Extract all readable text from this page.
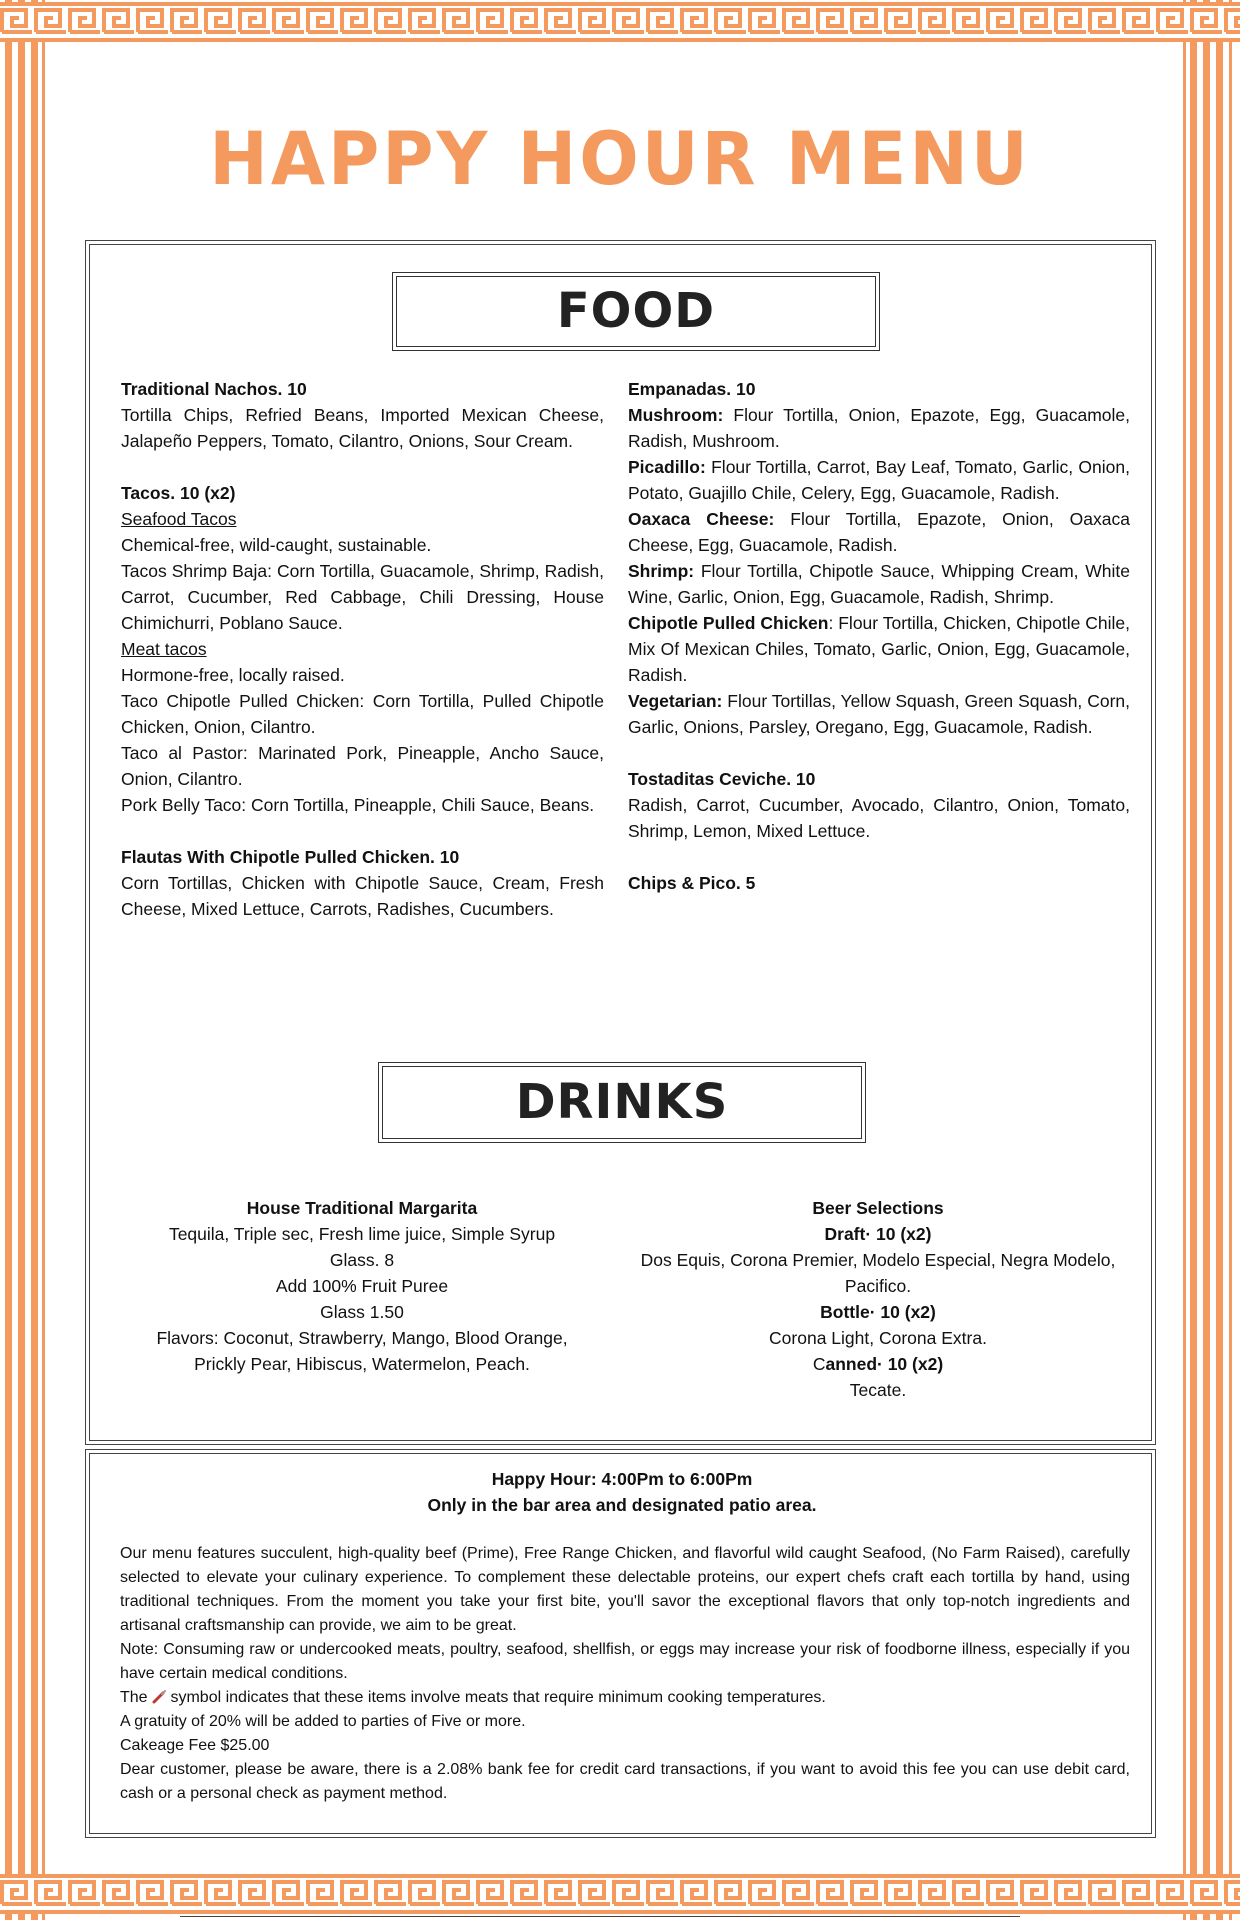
HAPPY HOUR MENU
FOOD

Traditional Nachos. 10

Tortilla Chips, Refried Beans, Imported Mexican Cheese, Jalapeño Peppers, Tomato, Cilantro, Onions, Sour Cream.

Tacos. 10 (x2)

Seafood Tacos

Chemical-free, wild-caught, sustainable.

Tacos Shrimp Baja: Corn Tortilla, Guacamole, Shrimp, Radish, Carrot, Cucumber, Red Cabbage, Chili Dressing, House Chimichurri, Poblano Sauce.

Meat tacos

Hormone-free, locally raised.

Taco Chipotle Pulled Chicken: Corn Tortilla, Pulled Chipotle Chicken, Onion, Cilantro.

Taco al Pastor: Marinated Pork, Pineapple, Ancho Sauce, Onion, Cilantro.

Pork Belly Taco: Corn Tortilla, Pineapple, Chili Sauce, Beans.

Flautas With Chipotle Pulled Chicken. 10

Corn Tortillas, Chicken with Chipotle Sauce, Cream, Fresh Cheese, Mixed Lettuce, Carrots, Radishes, Cucumbers.

Empanadas. 10

Mushroom: Flour Tortilla, Onion, Epazote, Egg, Guacamole, Radish, Mushroom.

Picadillo: Flour Tortilla, Carrot, Bay Leaf, Tomato, Garlic, Onion, Potato, Guajillo Chile, Celery, Egg, Guacamole, Radish.

Oaxaca Cheese: Flour Tortilla, Epazote, Onion, Oaxaca Cheese, Egg, Guacamole, Radish.

Shrimp: Flour Tortilla, Chipotle Sauce, Whipping Cream, White Wine, Garlic, Onion, Egg, Guacamole, Radish, Shrimp.

Chipotle Pulled Chicken: Flour Tortilla, Chicken, Chipotle Chile, Mix Of Mexican Chiles, Tomato, Garlic, Onion, Egg, Guacamole, Radish.

Vegetarian: Flour Tortillas, Yellow Squash, Green Squash, Corn, Garlic, Onions, Parsley, Oregano, Egg, Guacamole, Radish.

Tostaditas Ceviche. 10

Radish, Carrot, Cucumber, Avocado, Cilantro, Onion, Tomato, Shrimp, Lemon, Mixed Lettuce.

Chips & Pico. 5

DRINKS

House Traditional Margarita

Tequila, Triple sec, Fresh lime juice, Simple Syrup

Glass. 8

Add 100% Fruit Puree

Glass 1.50

Flavors: Coconut, Strawberry, Mango, Blood Orange, Prickly Pear, Hibiscus, Watermelon, Peach.

Beer Selections

Draft· 10 (x2)

Dos Equis, Corona Premier, Modelo Especial, Negra Modelo, Pacifico.

Bottle· 10 (x2)

Corona Light, Corona Extra.

Canned· 10 (x2)

Tecate.

Happy Hour: 4:00Pm to 6:00Pm

Only in the bar area and designated patio area.

Our menu features succulent, high-quality beef (Prime), Free Range Chicken, and flavorful wild caught Seafood, (No Farm Raised), carefully selected to elevate your culinary experience. To complement these delectable proteins, our expert chefs craft each tortilla by hand, using traditional techniques. From the moment you take your first bite, you'll savor the exceptional flavors that only top-notch ingredients and artisanal craftsmanship can provide, we aim to be great.

Note: Consuming raw or undercooked meats, poultry, seafood, shellfish, or eggs may increase your risk of foodborne illness, especially if you have certain medical conditions.

The  symbol indicates that these items involve meats that require minimum cooking temperatures.

A gratuity of 20% will be added to parties of Five or more.

Cakeage Fee $25.00

Dear customer, please be aware, there is a 2.08% bank fee for credit card transactions, if you want to avoid this fee you can use debit card, cash or a personal check as payment method.
